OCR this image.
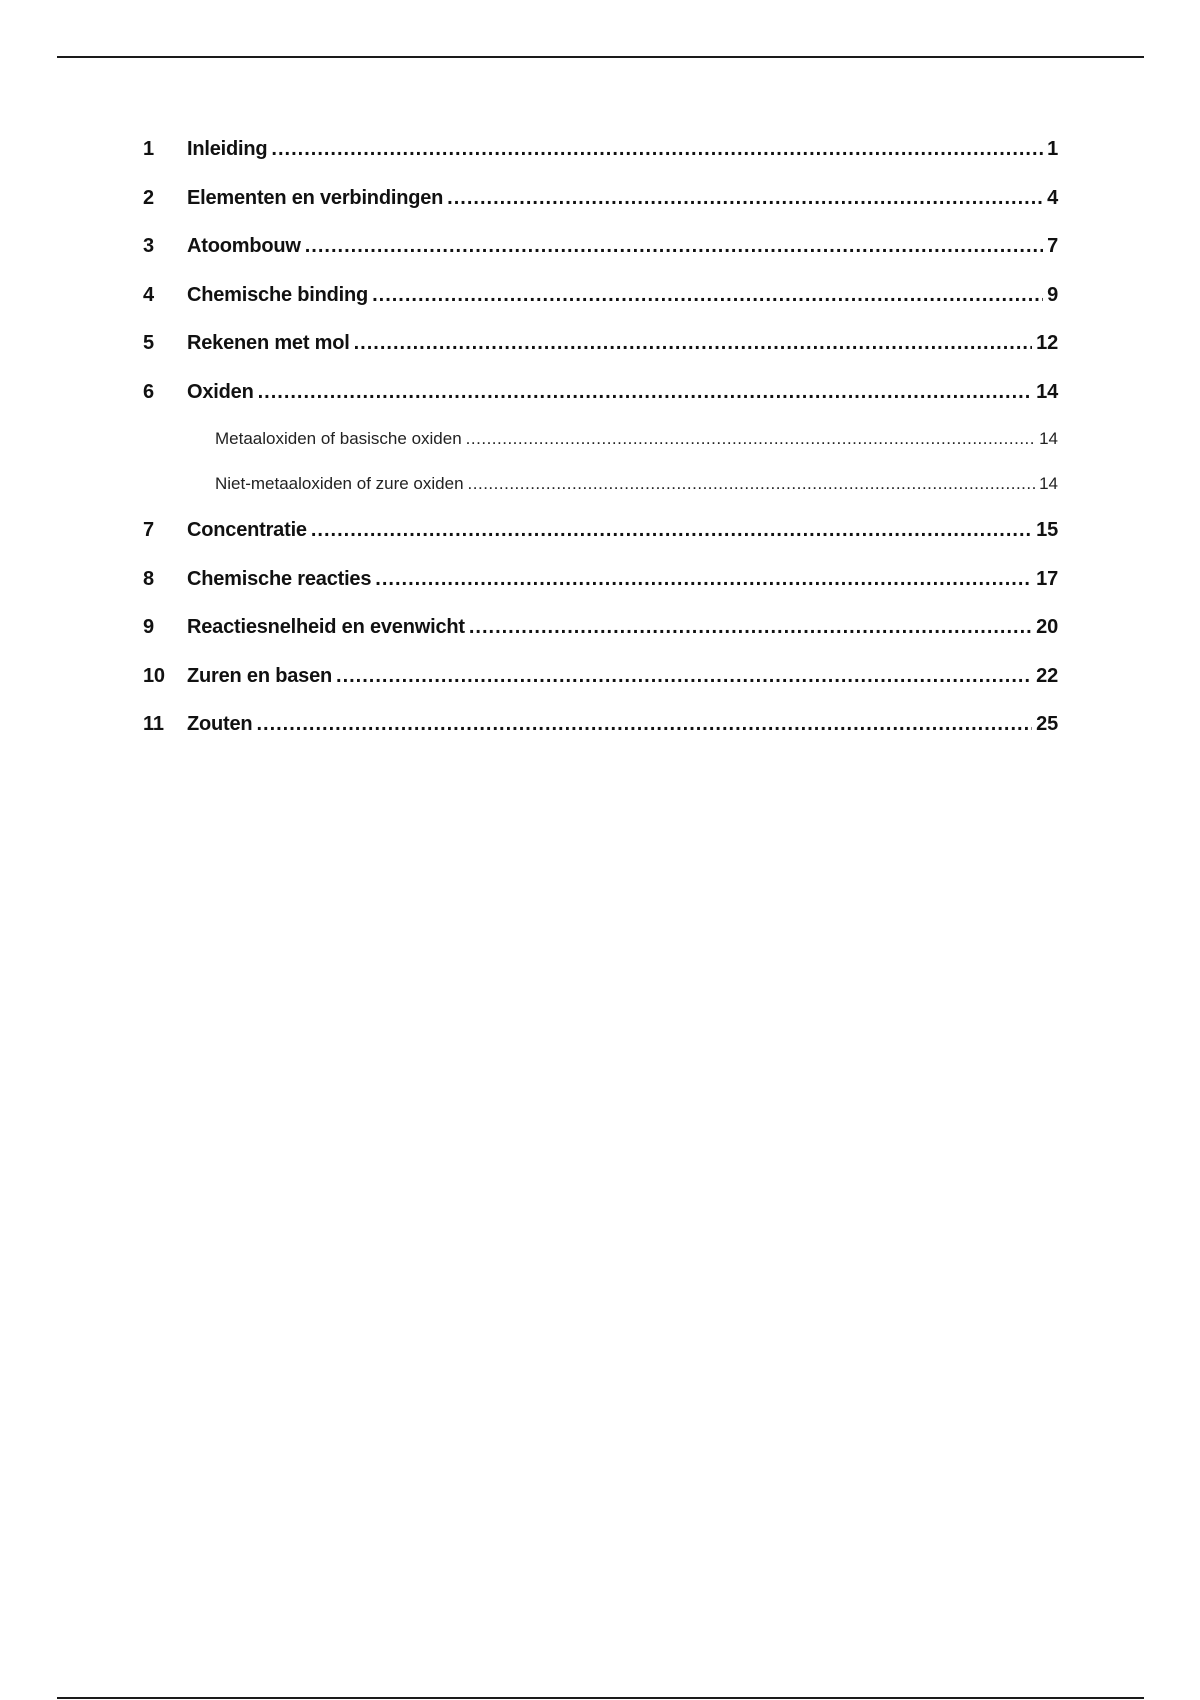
1	Inleiding .....	1
2	Elementen en verbindingen .....	4
3	Atoombouw .....	7
4	Chemische binding .....	9
5	Rekenen met mol .....	12
6	Oxiden .....	14
Metaaloxiden of basische oxiden .....	14
Niet-metaaloxiden of zure oxiden .....	14
7	Concentratie .....	15
8	Chemische reacties .....	17
9	Reactiesnelheid en evenwicht .....	20
10	Zuren en basen .....	22
11	Zouten .....	25
